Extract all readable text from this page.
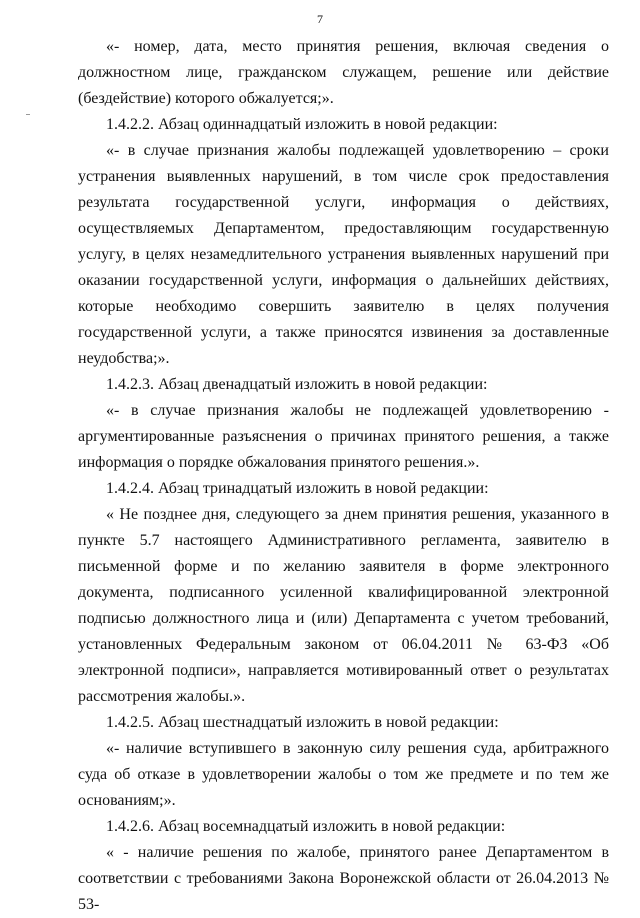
7

«- номер, дата, место принятия решения, включая сведения о должностном лице, гражданском служащем, решение или действие (бездействие) которого обжалуется;».

1.4.2.2. Абзац одиннадцатый изложить в новой редакции:

«- в случае признания жалобы подлежащей удовлетворению – сроки устранения выявленных нарушений, в том числе срок предоставления результата государственной услуги, информация о действиях, осуществляемых Департаментом, предоставляющим государственную услугу, в целях незамедлительного устранения выявленных нарушений при оказании государственной услуги, информация о дальнейших действиях, которые необходимо совершить заявителю в целях получения государственной услуги, а также приносятся извинения за доставленные неудобства;».

1.4.2.3. Абзац двенадцатый изложить в новой редакции:

«- в случае признания жалобы не подлежащей удовлетворению - аргументированные разъяснения о причинах принятого решения, а также информация о порядке обжалования принятого решения.».

1.4.2.4. Абзац тринадцатый изложить в новой редакции:

« Не позднее дня, следующего за днем принятия решения, указанного в пункте 5.7 настоящего Административного регламента, заявителю в письменной форме и по желанию заявителя в форме электронного документа, подписанного усиленной квалифицированной электронной подписью должностного лица и (или) Департамента с учетом требований, установленных Федеральным законом от 06.04.2011 № 63-ФЗ «Об электронной подписи», направляется мотивированный ответ о результатах рассмотрения жалобы.».

1.4.2.5. Абзац шестнадцатый изложить в новой редакции:

«- наличие вступившего в законную силу решения суда, арбитражного суда об отказе в удовлетворении жалобы о том же предмете и по тем же основаниям;».

1.4.2.6. Абзац восемнадцатый изложить в новой редакции:

« - наличие решения по жалобе, принятого ранее Департаментом в соответствии с требованиями Закона Воронежской области от 26.04.2013 № 53-
